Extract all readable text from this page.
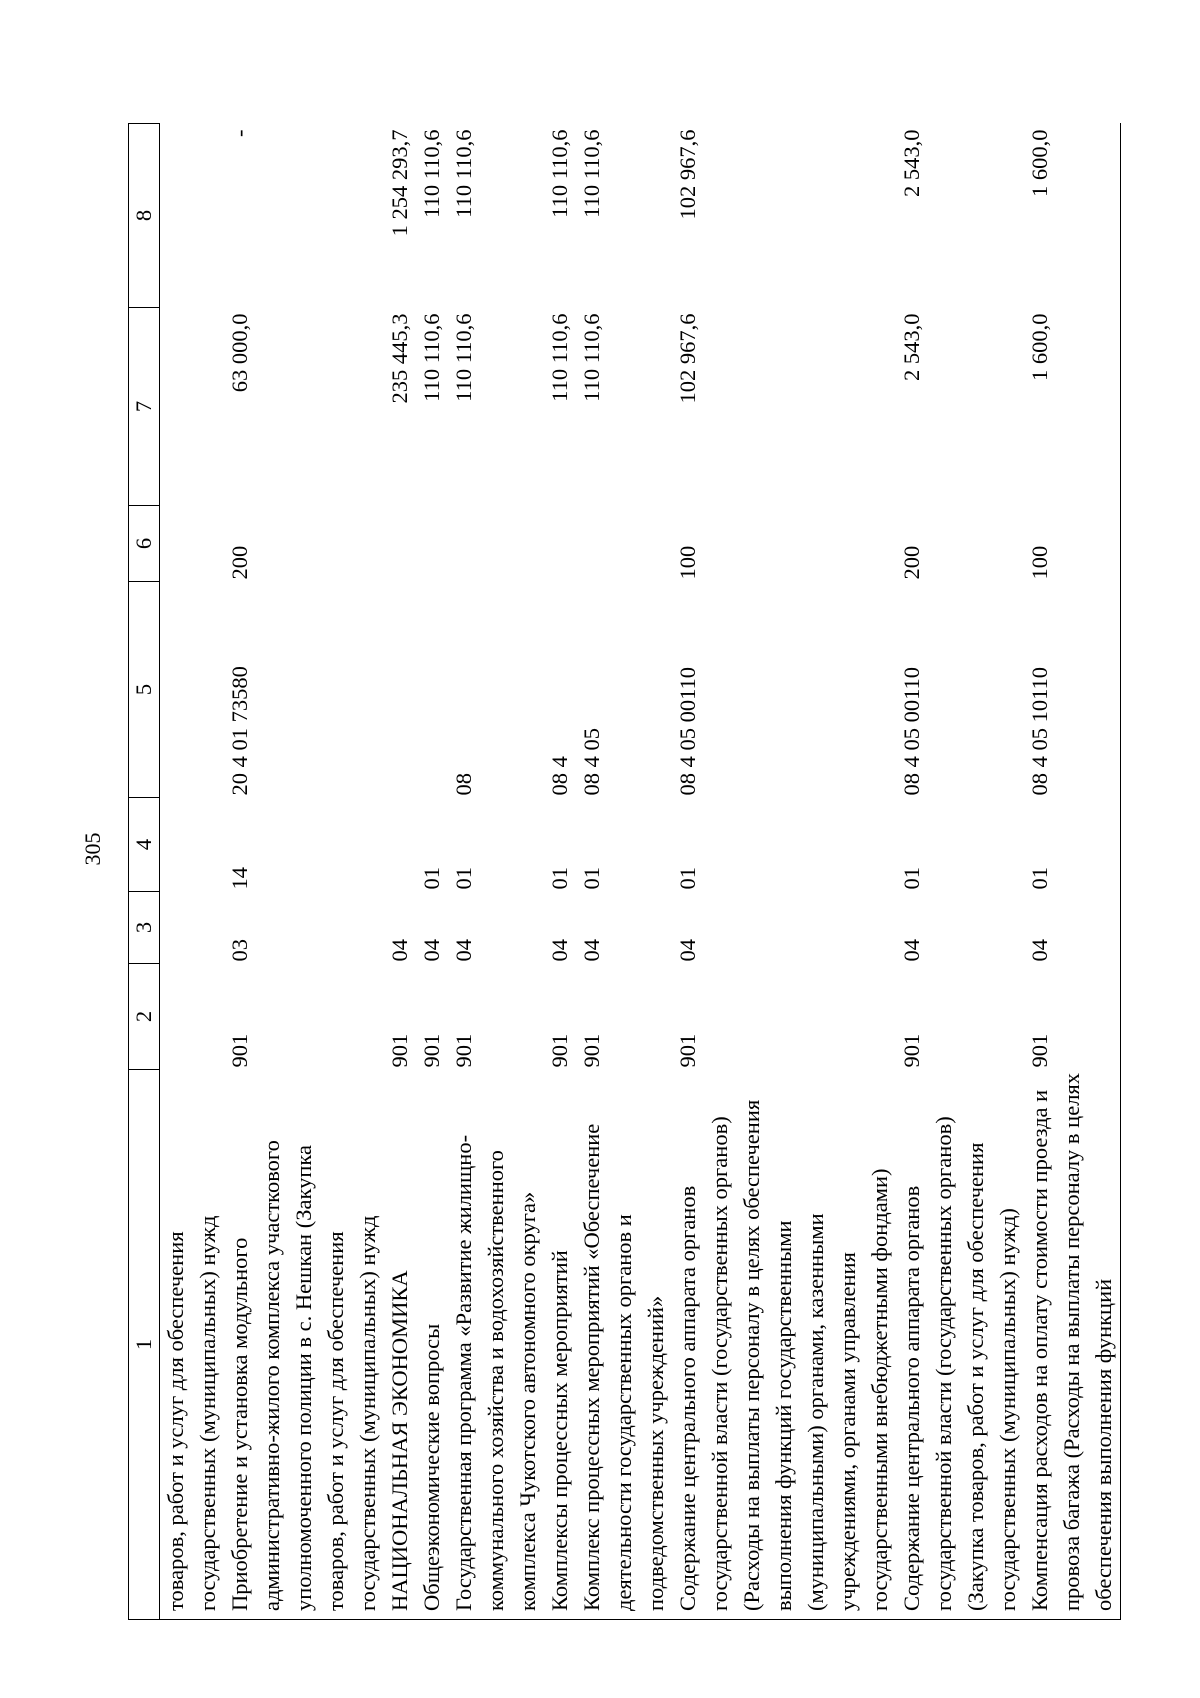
305
1	2	3	4	5	6	7	8
товаров, работ и услуг для обеспечения государственных (муниципальных) нужд							
Приобретение и установка модульного административно-жилого комплекса участкового уполномоченного полиции в с. Нешкан (Закупка товаров, работ и услуг для обеспечения государственных (муниципальных) нужд	901	03	14	20 4 01 73580	200	63 000,0	-
НАЦИОНАЛЬНАЯ ЭКОНОМИКА	901	04				235 445,3	1 254 293,7
Общеэкономические вопросы	901	04	01			110 110,6	110 110,6
Государственная программа «Развитие жилищно-коммунального хозяйства и водохозяйственного комплекса Чукотского автономного округа»	901	04	01	08		110 110,6	110 110,6
Комплексы процессных мероприятий	901	04	01	08 4		110 110,6	110 110,6
Комплекс процессных мероприятий «Обеспечение деятельности государственных органов и подведомственных учреждений»	901	04	01	08 4 05		110 110,6	110 110,6
Содержание центрального аппарата органов государственной власти (государственных органов) (Расходы на выплаты персоналу в целях обеспечения выполнения функций государственными (муниципальными) органами, казенными учреждениями, органами управления государственными внебюджетными фондами)	901	04	01	08 4 05 00110	100	102 967,6	102 967,6
Содержание центрального аппарата органов государственной власти (государственных органов) (Закупка товаров, работ и услуг для обеспечения государственных (муниципальных) нужд)	901	04	01	08 4 05 00110	200	2 543,0	2 543,0
Компенсация расходов на оплату стоимости проезда и провоза багажа (Расходы на выплаты персоналу в целях обеспечения выполнения функций	901	04	01	08 4 05 10110	100	1 600,0	1 600,0
